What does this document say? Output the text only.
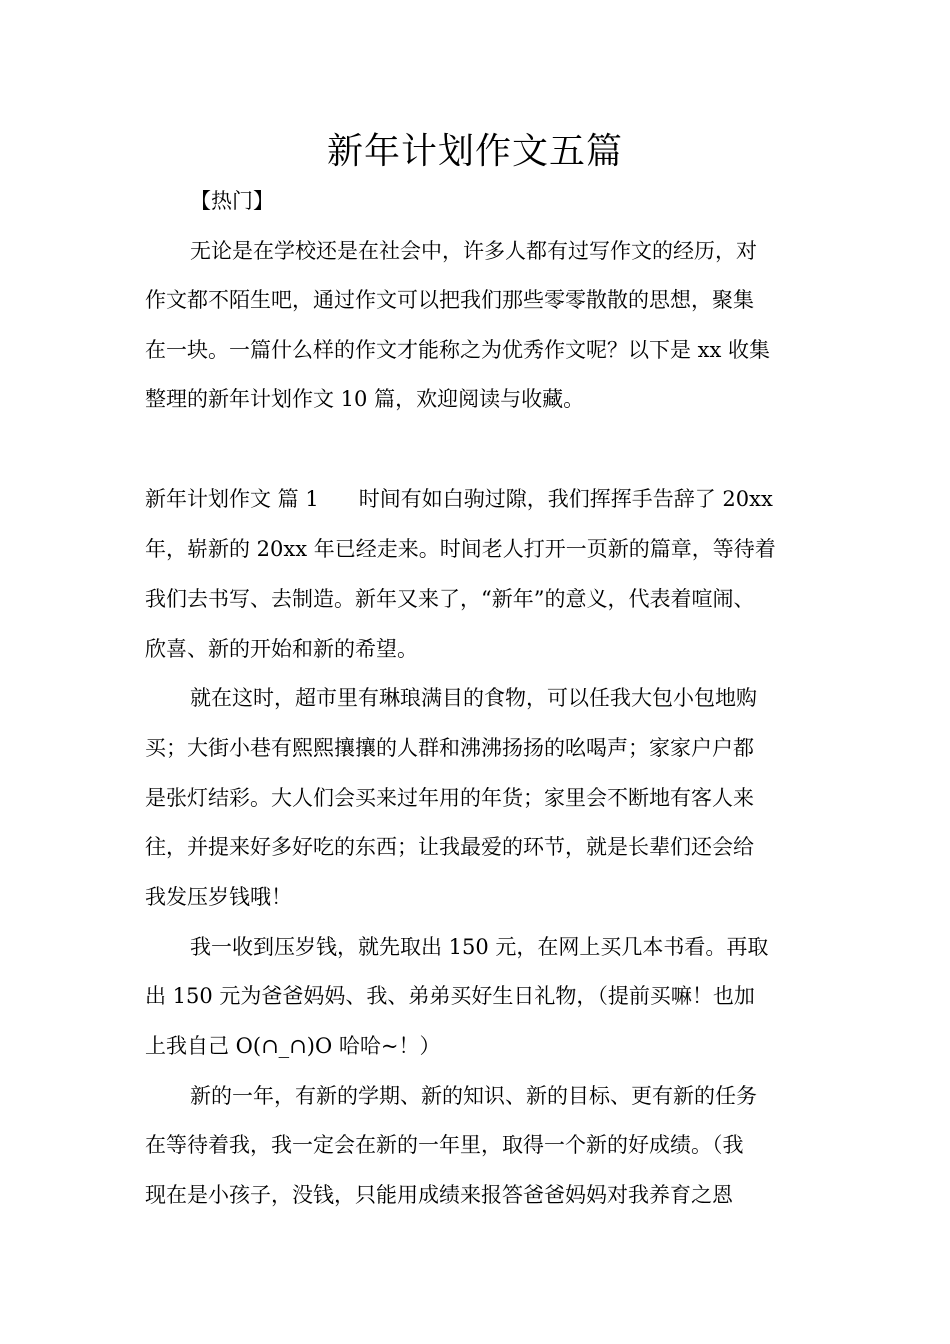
新年计划作文五篇
【热门】
无论是在学校还是在社会中，许多人都有过写作文的经历，对
作文都不陌生吧，通过作文可以把我们那些零零散散的思想，聚集
在一块。一篇什么样的作文才能称之为优秀作文呢？以下是 xx 收集
整理的新年计划作文 10 篇，欢迎阅读与收藏。
新年计划作文 篇 1 时间有如白驹过隙，我们挥挥手告辞了 20xx
年，崭新的 20xx 年已经走来。时间老人打开一页新的篇章，等待着
我们去书写、去制造。新年又来了，“新年”的意义，代表着喧闹、
欣喜、新的开始和新的希望。
就在这时，超市里有琳琅满目的食物，可以任我大包小包地购
买；大街小巷有熙熙攘攘的人群和沸沸扬扬的吆喝声；家家户户都
是张灯结彩。大人们会买来过年用的年货；家里会不断地有客人来
往，并提来好多好吃的东西；让我最爱的环节，就是长辈们还会给
我发压岁钱哦！
我一收到压岁钱，就先取出 150 元，在网上买几本书看。再取
出 150 元为爸爸妈妈、我、弟弟买好生日礼物，（提前买嘛！也加
上我自己 O(∩_∩)O 哈哈~！）
新的一年，有新的学期、新的知识、新的目标、更有新的任务
在等待着我，我一定会在新的一年里，取得一个新的好成绩。（我
现在是小孩子，没钱，只能用成绩来报答爸爸妈妈对我养育之恩
